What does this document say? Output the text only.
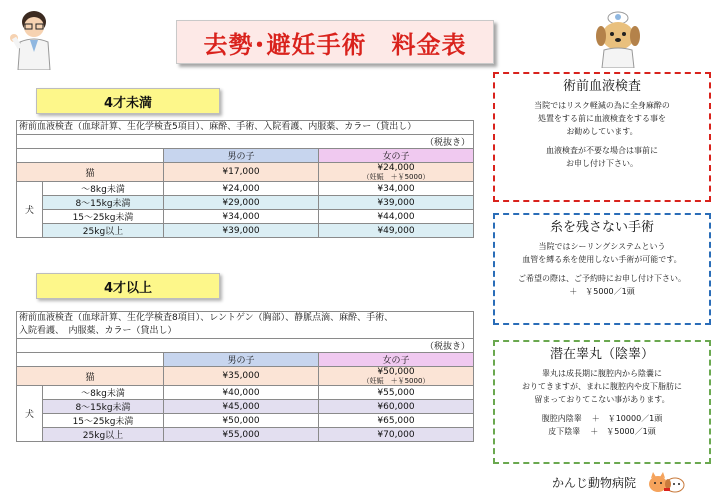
去勢･避妊手術　料金表
4才未満
術前血液検査（血球計算、生化学検査5項目）、麻酔、手術、入院看護、内服薬、カラー（貸出し）			
（税抜き）			
		男の子	女の子
猫		¥17,000	¥24,000
（妊娠　＋￥5000）

犬	～8kg未満	¥24,000	¥34,000
	8～15kg未満	¥29,000	¥39,000
	15～25kg未満	¥34,000	¥44,000
	25kg以上	¥39,000	¥49,000
4才以上
術前血液検査（血球計算、生化学検査8項目）、レントゲン（胸部）、静脈点滴、麻酔、手術、
入院看護、　内服薬、カラー（貸出し）			

（税抜き）			
		男の子	女の子
猫		¥35,000	¥50,000
（妊娠　＋￥5000）

犬	～8kg未満	¥40,000	¥55,000
	8～15kg未満	¥45,000	¥60,000
	15～25kg未満	¥50,000	¥65,000
	25kg以上	¥55,000	¥70,000
術前血液検査

当院ではリスク軽減の為に全身麻酔の

処置をする前に血液検査をする事を

お勧めしています。

血液検査が不要な場合は事前に

お申し付け下さい。

糸を残さない手術

当院ではシーリングシステムという

血管を縛る糸を使用しない手術が可能です。

ご希望の際は、ご予約時にお申し付け下さい。

＋　￥5000／1頭

潜在睾丸（陰睾）

睾丸は成長期に腹腔内から陰嚢に

おりてきますが、まれに腹腔内や皮下脂肪に

留まっておりてこない事があります。

腹腔内陰睾 ＋　￥10000／1頭
皮下陰睾 ＋　￥5000／1頭
かんじ動物病院
